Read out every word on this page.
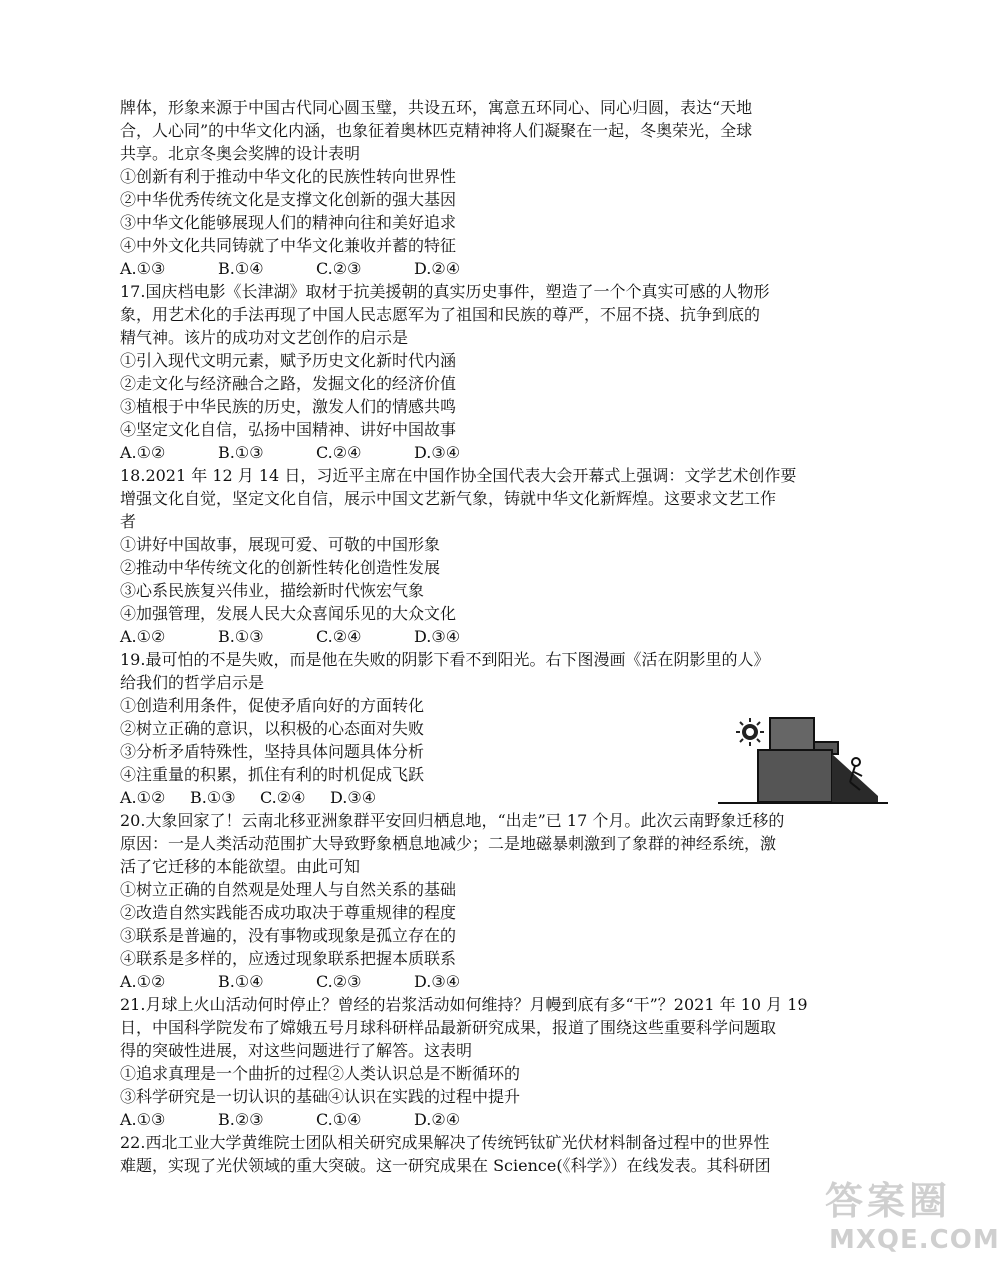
牌体，形象来源于中国古代同心圆玉璧，共设五环，寓意五环同心、同心归圆，表达“天地

合，人心同”的中华文化内涵，也象征着奥林匹克精神将人们凝聚在一起，冬奥荣光，全球

共享。北京冬奥会奖牌的设计表明

①创新有利于推动中华文化的民族性转向世界性

②中华优秀传统文化是支撑文化创新的强大基因

③中华文化能够展现人们的精神向往和美好追求

④中外文化共同铸就了中华文化兼收并蓄的特征

A.①③	B.①④	C.②③	D.②④

17.国庆档电影《长津湖》取材于抗美援朝的真实历史事件，塑造了一个个真实可感的人物形

象，用艺术化的手法再现了中国人民志愿军为了祖国和民族的尊严，不屈不挠、抗争到底的

精气神。该片的成功对文艺创作的启示是

①引入现代文明元素，赋予历史文化新时代内涵

②走文化与经济融合之路，发掘文化的经济价值

③植根于中华民族的历史，激发人们的情感共鸣

④坚定文化自信，弘扬中国精神、讲好中国故事

A.①②	B.①③	C.②④	D.③④

18.2021 年 12 月 14 日，习近平主席在中国作协全国代表大会开幕式上强调：文学艺术创作要

增强文化自觉，坚定文化自信，展示中国文艺新气象，铸就中华文化新辉煌。这要求文艺工作

者

①讲好中国故事，展现可爱、可敬的中国形象

②推动中华传统文化的创新性转化创造性发展

③心系民族复兴伟业，描绘新时代恢宏气象

④加强管理，发展人民大众喜闻乐见的大众文化

A.①②	B.①③	C.②④	D.③④

19.最可怕的不是失败，而是他在失败的阴影下看不到阳光。右下图漫画《活在阴影里的人》

给我们的哲学启示是

①创造利用条件，促使矛盾向好的方面转化

②树立正确的意识，以积极的心态面对失败

③分析矛盾特殊性，坚持具体问题具体分析

④注重量的积累，抓住有利的时机促成飞跃

A.①②	B.①③	C.②④	D.③④

20.大象回家了！云南北移亚洲象群平安回归栖息地，“出走”已 17 个月。此次云南野象迁移的

原因：一是人类活动范围扩大导致野象栖息地减少；二是地磁暴刺激到了象群的神经系统，激

活了它迁移的本能欲望。由此可知

①树立正确的自然观是处理人与自然关系的基础

②改造自然实践能否成功取决于尊重规律的程度

③联系是普遍的，没有事物或现象是孤立存在的

④联系是多样的，应透过现象联系把握本质联系

A.①②	B.①④	C.②③	D.③④

21.月球上火山活动何时停止？曾经的岩浆活动如何维持？月幔到底有多“干”？2021 年 10 月 19

日，中国科学院发布了嫦娥五号月球科研样品最新研究成果，报道了围绕这些重要科学问题取

得的突破性进展，对这些问题进行了解答。这表明

①追求真理是一个曲折的过程②人类认识总是不断循环的

③科学研究是一切认识的基础④认识在实践的过程中提升

A.①③	B.②③	C.①④	D.②④

22.西北工业大学黄维院士团队相关研究成果解决了传统钙钛矿光伏材料制备过程中的世界性

难题，实现了光伏领域的重大突破。这一研究成果在 Science(《科学》）在线发表。其科研团

答案圈
MXQE.COM
